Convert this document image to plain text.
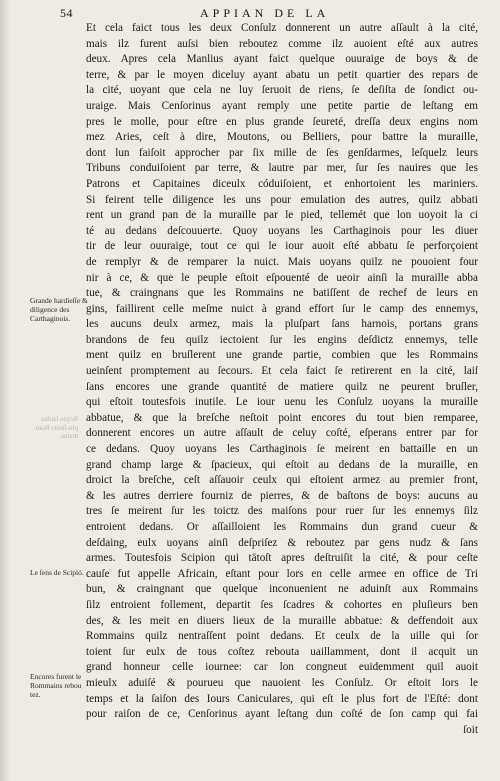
54	APPIAN DE LA
Grande hardieſſe & diligence des Carthaginois.
Scipio ſaulua plu-ſieurs Rom-mains.
Le ſens de Scipió.
Encores furent le Rommains rebou tez.
Et cela faict tous les deux Conſulz donnerent un autre aſſault à la cité,
mais ilz furent auſsi bien reboutez comme ilz auoient eſté aux autres
deux. Apres cela Manlius ayant faict quelque ouuraige de boys & de
terre, & par le moyen diceluy ayant abatu un petit quartier des repars de
la cité, uoyant que cela ne luy ſeruoit de riens, ſe deſiſta de ſondict ou-
uraige. Mais Cenſorinus ayant remply une petite partie de leſtang em
pres le molle, pour eſtre en plus grande ſeureté, dreſſa deux engins nom
mez Aries, ceſt à dire, Moutons, ou Belliers, pour battre la muraille,
dont lun faiſoit approcher par ſix mille de ſes genſdarmes, leſquelz leurs
Tribuns conduiſoient par terre, & lautre par mer, ſur ſes nauires que les
Patrons et Capitaines diceulx códuiſoient, et enhortoient les mariniers.
Si feirent telle diligence les uns pour emulation des autres, quilz abbati
rent un grand pan de la muraille par le pied, tellemét que lon uoyoit la ci
té au dedans deſcouuerte. Quoy uoyans les Carthaginois pour les diuer
tir de leur ouuraige, tout ce qui le iour auoit eſté abbatu ſe perforçoient
de remplyr & de remparer la nuict. Mais uoyans quilz ne pouoient four
nir à ce, & que le peuple eſtoit eſpouenté de ueoir ainſi la muraille abba
tue, & craingnans que les Rommains ne batiſſent de rechef de leurs en
gins, faillirent celle meſme nuict à grand effort ſur le camp des ennemys,
les aucuns deulx armez, mais la pluſpart ſans harnois, portans grans
brandons de feu quilz iectoient ſur les engins deſdictz ennemys, telle
ment quilz en bruſlerent une grande partie, combien que les Rommains
ueinſent promptement au ſecours. Et cela faict ſe retirerent en la cité, laiſ
ſans encores une grande quantité de matiere quilz ne peurent bruſler,
qui eſtoit toutesfois inutile. Le iour uenu les Conſulz uoyans la muraille
abbatue, & que la breſche neſtoit point encores du tout bien remparee,
donnerent encores un autre aſſault de celuy coſté, eſperans entrer par for
ce dedans. Quoy uoyans les Carthaginois ſe meirent en battaille en un
grand champ large & ſpacieux, qui eſtoit au dedans de la muraille, en
droict la breſche, ceſt aſſauoir ceulx qui eſtoient armez au premier front,
& les autres derriere fourniz de pierres, & de baſtons de boys: aucuns au
tres ſe meirent ſur les toictz des maiſons pour ruer ſur les ennemys ſilz
entroient dedans. Or aſſailloient les Rommains dun grand cueur &
deſdaing, eulx uoyans ainſi deſpriſez & reboutez par gens nudz & ſans
armes. Toutesfois Scipion qui tätoſt apres deſtruiſit la cité, & pour ceſte
cauſe fut appelle Africain, eſtant pour lors en celle armee en office de Tri
bun, & craingnant que quelque inconuenient ne aduinſt aux Rommains
ſilz entroient follement, departit ſes ſcadres & cohortes en pluſieurs ben
des, & les meit en diuers lieux de la muraille abbatue: & deffendoit aux
Rommains quilz nentraſſent point dedans. Et ceulx de la uille qui ſor
toient ſur eulx de tous coſtez rebouta uaillamment, dont il acquit un
grand honneur celle iournee: car lon congneut euidemment quil auoit
mieulx aduiſé & pourueu que nauoient les Conſulz. Or eſtoit lors le
temps et la ſaiſon des Iours Caniculares, qui eſt le plus fort de l'Eſté: dont
pour raiſon de ce, Cenſorinus ayant leſtang dun coſté de ſon camp qui fai
ſoit
